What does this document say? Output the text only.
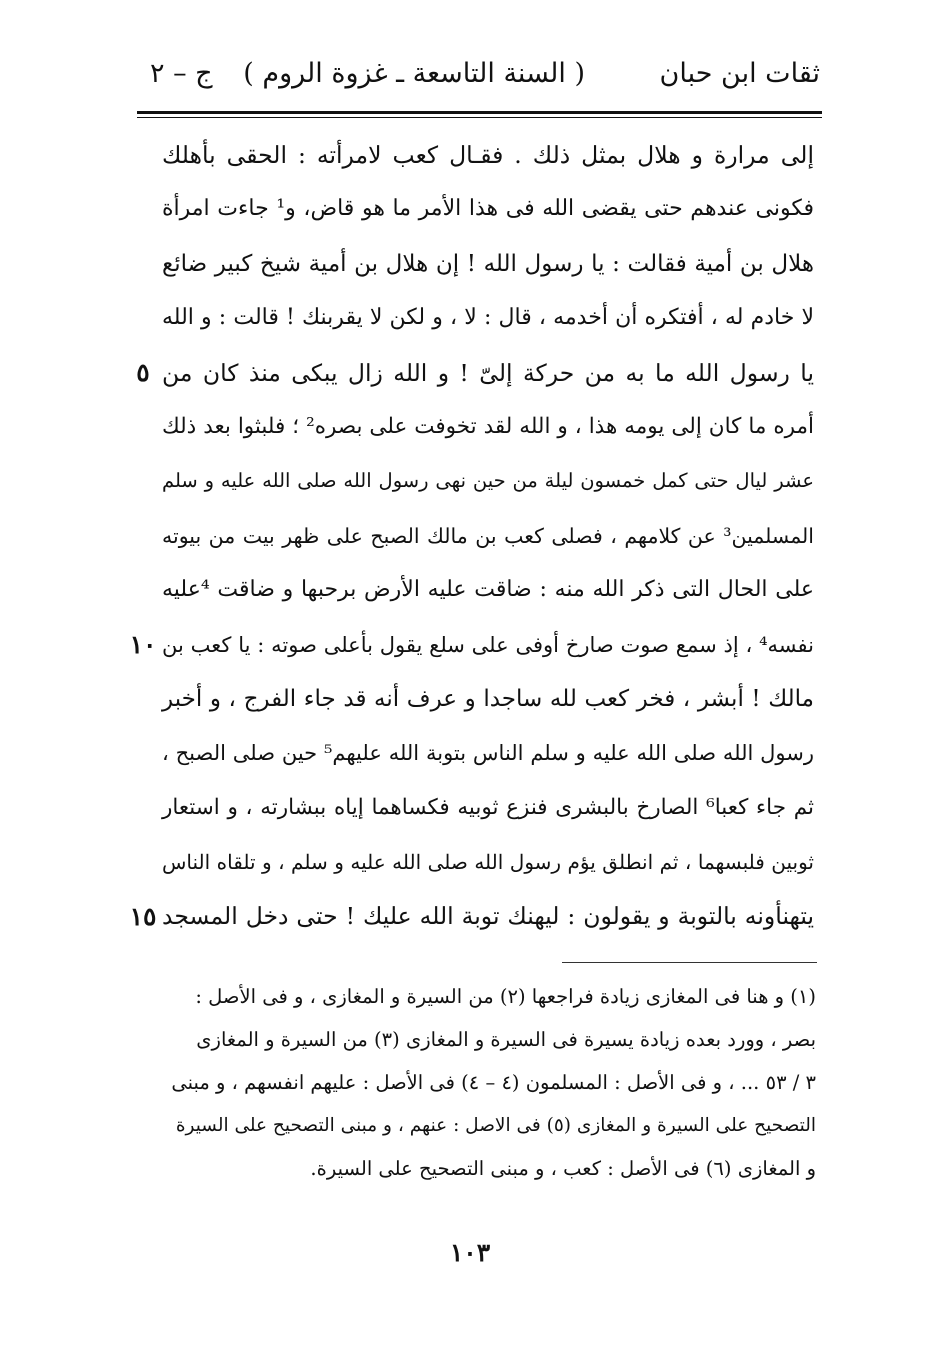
ثقات ابن حبان
( السنة التاسعة ـ غزوة الروم )
ج – ٢
إلى مرارة و هلال بمثل ذلك . فقـال كعب لامرأته : الحقى بأهلك
فكونى عندهم حتى يقضى الله فى هذا الأمر ما هو قاض، و¹ جاءت امرأة
هلال بن أمية فقالت : يا رسول الله ! إن هلال بن أمية شيخ كبير ضائع
لا خادم له ، أفتكره أن أخدمه ، قال : لا ، و لكن لا يقربنك ! قالت : و الله
يا رسول الله ما به من حركة إلىّ ! و الله زال يبكى منذ كان من
أمره ما كان إلى يومه هذا ، و الله لقد تخوفت على بصره² ؛ فلبثوا بعد ذلك
عشر ليال حتى كمل خمسون ليلة من حين نهى رسول الله صلى الله عليه و سلم
المسلمين³ عن كلامهم ، فصلى كعب بن مالك الصبح على ظهر بيت من بيوته
على الحال التى ذكر الله منه : ضاقت عليه الأرض برحبها و ضاقت ⁴عليه
نفسه⁴ ، إذ سمع صوت صارخ أوفى على سلع يقول بأعلى صوته : يا كعب بن
مالك ! أبشر ، فخر كعب لله ساجدا و عرف أنه قد جاء الفرج ، و أخبر
رسول الله صلى الله عليه و سلم الناس بتوبة الله عليهم⁵ حين صلى الصبح ،
ثم جاء كعبا⁶ الصارخ بالبشرى فنزع ثوبيه فكساهما إياه ببشارته ، و استعار
ثوبين فلبسهما ، ثم انطلق يؤم رسول الله صلى الله عليه و سلم ، و تلقاه الناس
يتهنأونه بالتوبة و يقولون : ليهنك توبة الله عليك ! حتى دخل المسجد
٥
١٠
١٥
(١) و هنا فى المغازى زيادة فراجعها (٢) من السيرة و المغازى ، و فى الأصل :
بصر ، وورد بعده زيادة يسيرة فى السيرة و المغازى (٣) من السيرة و المغازى
٣ / ٥٣ ... ، و فى الأصل : المسلمون (٤ – ٤) فى الأصل : عليهم انفسهم ، و مبنى
التصحيح على السيرة و المغازى (٥) فى الاصل : عنهم ، و مبنى التصحيح على السيرة
و المغازى (٦) فى الأصل : كعب ، و مبنى التصحيح على السيرة.
١٠٣
